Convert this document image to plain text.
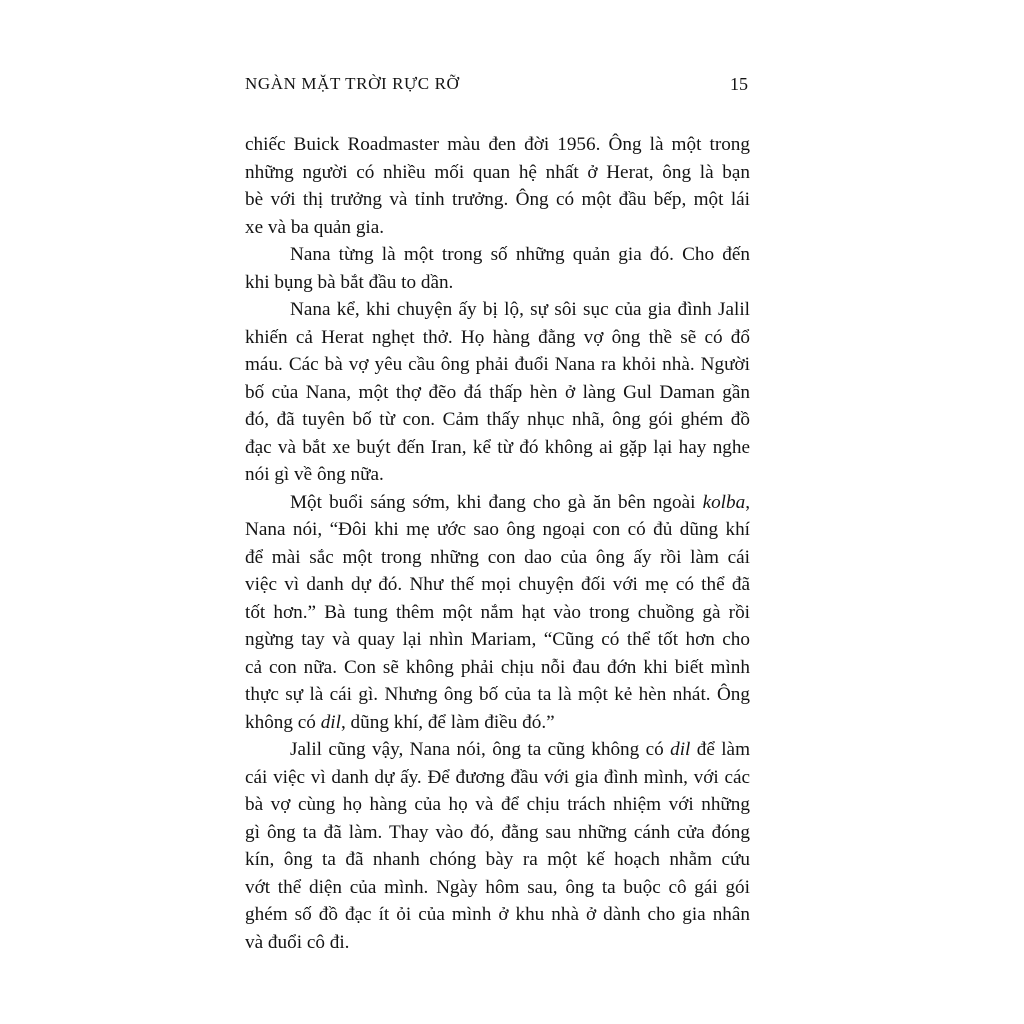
NGÀN MẶT TRỜI RỰC RỠ	15
chiếc Buick Roadmaster màu đen đời 1956. Ông là một trong
những người có nhiều mối quan hệ nhất ở Herat, ông là bạn
bè với thị trưởng và tỉnh trưởng. Ông có một đầu bếp, một lái
xe và ba quản gia.
Nana từng là một trong số những quản gia đó. Cho đến
khi bụng bà bắt đầu to dần.
Nana kể, khi chuyện ấy bị lộ, sự sôi sục của gia đình Jalil
khiến cả Herat nghẹt thở. Họ hàng đằng vợ ông thề sẽ có đổ
máu. Các bà vợ yêu cầu ông phải đuổi Nana ra khỏi nhà. Người
bố của Nana, một thợ đẽo đá thấp hèn ở làng Gul Daman gần
đó, đã tuyên bố từ con. Cảm thấy nhục nhã, ông gói ghém đồ
đạc và bắt xe buýt đến Iran, kể từ đó không ai gặp lại hay nghe
nói gì về ông nữa.
Một buổi sáng sớm, khi đang cho gà ăn bên ngoài kolba,
Nana nói, “Đôi khi mẹ ước sao ông ngoại con có đủ dũng khí
để mài sắc một trong những con dao của ông ấy rồi làm cái
việc vì danh dự đó. Như thế mọi chuyện đối với mẹ có thể đã
tốt hơn.” Bà tung thêm một nắm hạt vào trong chuồng gà rồi
ngừng tay và quay lại nhìn Mariam, “Cũng có thể tốt hơn cho
cả con nữa. Con sẽ không phải chịu nỗi đau đớn khi biết mình
thực sự là cái gì. Nhưng ông bố của ta là một kẻ hèn nhát. Ông
không có dil, dũng khí, để làm điều đó.”
Jalil cũng vậy, Nana nói, ông ta cũng không có dil để làm
cái việc vì danh dự ấy. Để đương đầu với gia đình mình, với các
bà vợ cùng họ hàng của họ và để chịu trách nhiệm với những
gì ông ta đã làm. Thay vào đó, đằng sau những cánh cửa đóng
kín, ông ta đã nhanh chóng bày ra một kế hoạch nhằm cứu
vớt thể diện của mình. Ngày hôm sau, ông ta buộc cô gái gói
ghém số đồ đạc ít ỏi của mình ở khu nhà ở dành cho gia nhân
và đuổi cô đi.
